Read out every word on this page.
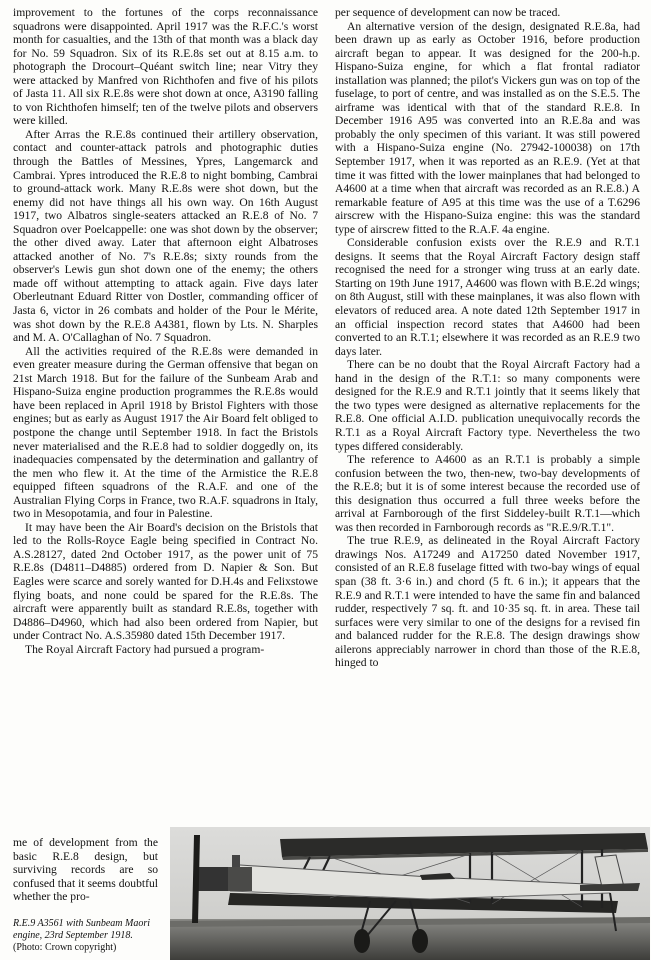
improvement to the fortunes of the corps reconnaissance squadrons were disappointed. April 1917 was the R.F.C.'s worst month for casualties, and the 13th of that month was a black day for No. 59 Squadron. Six of its R.E.8s set out at 8.15 a.m. to photograph the Drocourt–Quéant switch line; near Vitry they were attacked by Manfred von Richthofen and five of his pilots of Jasta 11. All six R.E.8s were shot down at once, A3190 falling to von Richthofen himself; ten of the twelve pilots and observers were killed.

After Arras the R.E.8s continued their artillery observation, contact and counter-attack patrols and photographic duties through the Battles of Messines, Ypres, Langemarck and Cambrai. Ypres introduced the R.E.8 to night bombing, Cambrai to ground-attack work. Many R.E.8s were shot down, but the enemy did not have things all his own way. On 16th August 1917, two Albatros single-seaters attacked an R.E.8 of No. 7 Squadron over Poelcappelle: one was shot down by the observer; the other dived away. Later that afternoon eight Albatroses attacked another of No. 7's R.E.8s; sixty rounds from the observer's Lewis gun shot down one of the enemy; the others made off without attempting to attack again. Five days later Oberleutnant Eduard Ritter von Dostler, commanding officer of Jasta 6, victor in 26 combats and holder of the Pour le Mérite, was shot down by the R.E.8 A4381, flown by Lts. N. Sharples and M. A. O'Callaghan of No. 7 Squadron.

All the activities required of the R.E.8s were demanded in even greater measure during the German offensive that began on 21st March 1918. But for the failure of the Sunbeam Arab and Hispano-Suiza engine production programmes the R.E.8s would have been replaced in April 1918 by Bristol Fighters with those engines; but as early as August 1917 the Air Board felt obliged to postpone the change until September 1918. In fact the Bristols never materialised and the R.E.8 had to soldier doggedly on, its inadequacies compensated by the determination and gallantry of the men who flew it. At the time of the Armistice the R.E.8 equipped fifteen squadrons of the R.A.F. and one of the Australian Flying Corps in France, two R.A.F. squadrons in Italy, two in Mesopotamia, and four in Palestine.

It may have been the Air Board's decision on the Bristols that led to the Rolls-Royce Eagle being specified in Contract No. A.S.28127, dated 2nd October 1917, as the power unit of 75 R.E.8s (D4811–D4885) ordered from D. Napier & Son. But Eagles were scarce and sorely wanted for D.H.4s and Felixstowe flying boats, and none could be spared for the R.E.8s. The aircraft were apparently built as standard R.E.8s, together with D4886–D4960, which had also been ordered from Napier, but under Contract No. A.S.35980 dated 15th December 1917.

The Royal Aircraft Factory had pursued a program-

me of development from the basic R.E.8 design, but surviving records are so confused that it seems doubtful whether the pro-

per sequence of development can now be traced.

An alternative version of the design, designated R.E.8a, had been drawn up as early as October 1916, before production aircraft began to appear. It was designed for the 200-h.p. Hispano-Suiza engine, for which a flat frontal radiator installation was planned; the pilot's Vickers gun was on top of the fuselage, to port of centre, and was installed as on the S.E.5. The airframe was identical with that of the standard R.E.8. In December 1916 A95 was converted into an R.E.8a and was probably the only specimen of this variant. It was still powered with a Hispano-Suiza engine (No. 27942-100038) on 17th September 1917, when it was reported as an R.E.9. (Yet at that time it was fitted with the lower mainplanes that had belonged to A4600 at a time when that aircraft was recorded as an R.E.8.) A remarkable feature of A95 at this time was the use of a T.6296 airscrew with the Hispano-Suiza engine: this was the standard type of airscrew fitted to the R.A.F. 4a engine.

Considerable confusion exists over the R.E.9 and R.T.1 designs. It seems that the Royal Aircraft Factory design staff recognised the need for a stronger wing truss at an early date. Starting on 19th June 1917, A4600 was flown with B.E.2d wings; on 8th August, still with these mainplanes, it was also flown with elevators of reduced area. A note dated 12th September 1917 in an official inspection record states that A4600 had been converted to an R.T.1; elsewhere it was recorded as an R.E.9 two days later.

There can be no doubt that the Royal Aircraft Factory had a hand in the design of the R.T.1: so many components were designed for the R.E.9 and R.T.1 jointly that it seems likely that the two types were designed as alternative replacements for the R.E.8. One official A.I.D. publication unequivocally records the R.T.1 as a Royal Aircraft Factory type. Nevertheless the two types differed considerably.

The reference to A4600 as an R.T.1 is probably a simple confusion between the two, then-new, two-bay developments of the R.E.8; but it is of some interest because the recorded use of this designation thus occurred a full three weeks before the arrival at Farnborough of the first Siddeley-built R.T.1—which was then recorded in Farnborough records as "R.E.9/R.T.1".

The true R.E.9, as delineated in the Royal Aircraft Factory drawings Nos. A17249 and A17250 dated November 1917, consisted of an R.E.8 fuselage fitted with two-bay wings of equal span (38 ft. 3·6 in.) and chord (5 ft. 6 in.); it appears that the R.E.9 and R.T.1 were intended to have the same fin and balanced rudder, respectively 7 sq. ft. and 10·35 sq. ft. in area. These tail surfaces were very similar to one of the designs for a revised fin and balanced rudder for the R.E.8. The design drawings show ailerons appreciably narrower in chord than those of the R.E.8, hinged to

R.E.9 A3561 with Sunbeam Maori engine, 23rd September 1918.
(Photo: Crown copyright)
